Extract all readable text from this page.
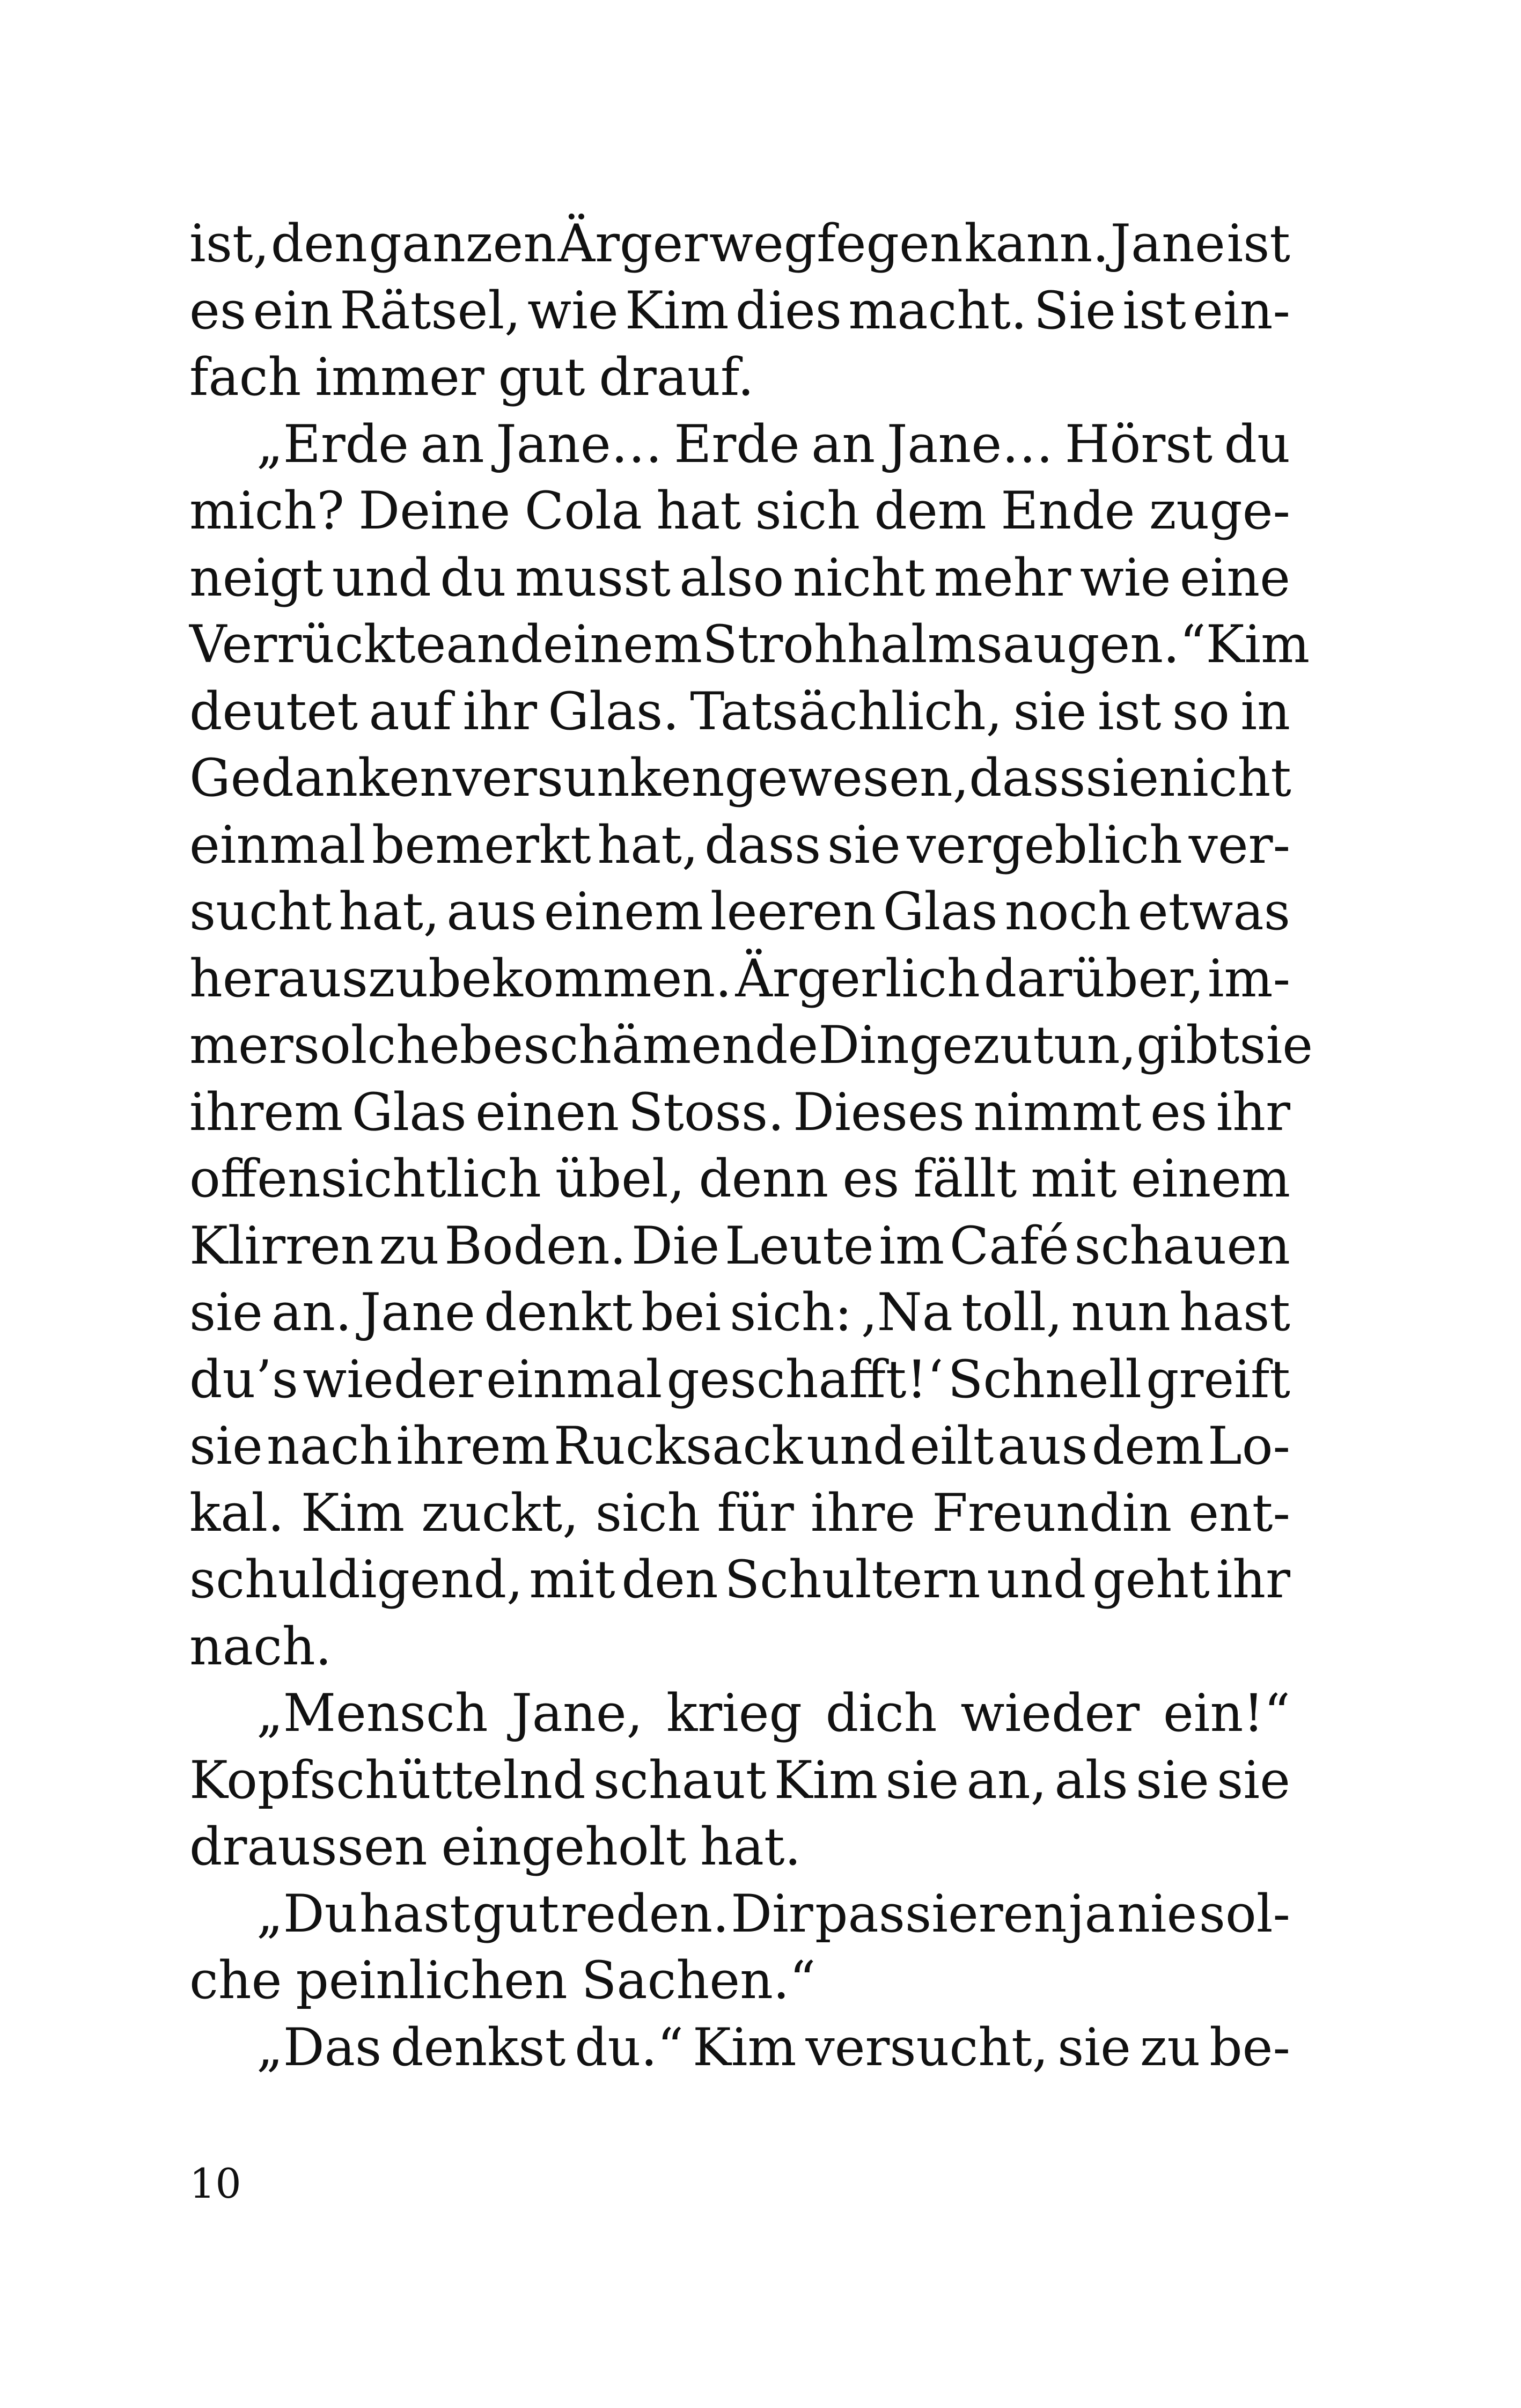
ist, den ganzen Ärger wegfegen kann. Jane ist
es ein Rätsel, wie Kim dies macht. Sie ist ein-
fach immer gut drauf.
„Erde an Jane… Erde an Jane… Hörst du
mich? Deine Cola hat sich dem Ende zuge-
neigt und du musst also nicht mehr wie eine
Verrückte an deinem Strohhalm saugen.“ Kim
deutet auf ihr Glas. Tatsächlich, sie ist so in
Gedanken versunken gewesen, dass sie nicht
einmal bemerkt hat, dass sie vergeblich ver-
sucht hat, aus einem leeren Glas noch etwas
herauszubekommen. Ärgerlich darüber, im-
mer solche beschämende Dinge zu tun, gibt sie
ihrem Glas einen Stoss. Dieses nimmt es ihr
offensichtlich übel, denn es fällt mit einem
Klirren zu Boden. Die Leute im Café schauen
sie an. Jane denkt bei sich: ‚Na toll, nun hast
du’s wieder einmal geschafft!‘ Schnell greift
sie nach ihrem Rucksack und eilt aus dem Lo-
kal. Kim zuckt, sich für ihre Freundin ent-
schuldigend, mit den Schultern und geht ihr
nach.
„Mensch Jane, krieg dich wieder ein!“
Kopfschüttelnd schaut Kim sie an, als sie sie
draussen eingeholt hat.
„Du hast gut reden. Dir passieren ja nie sol-
che peinlichen Sachen.“
„Das denkst du.“ Kim versucht, sie zu be-
10
